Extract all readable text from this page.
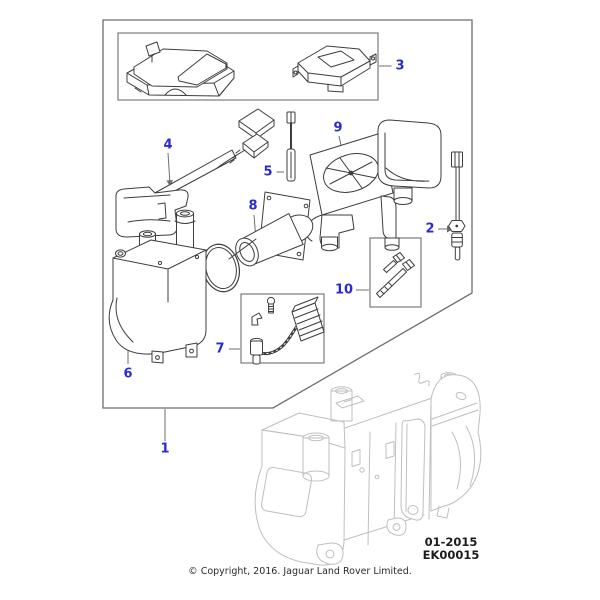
1
2
3
4
5
6
7
8
9
10
01-2015
EK00015
© Copyright, 2016. Jaguar Land Rover Limited.
